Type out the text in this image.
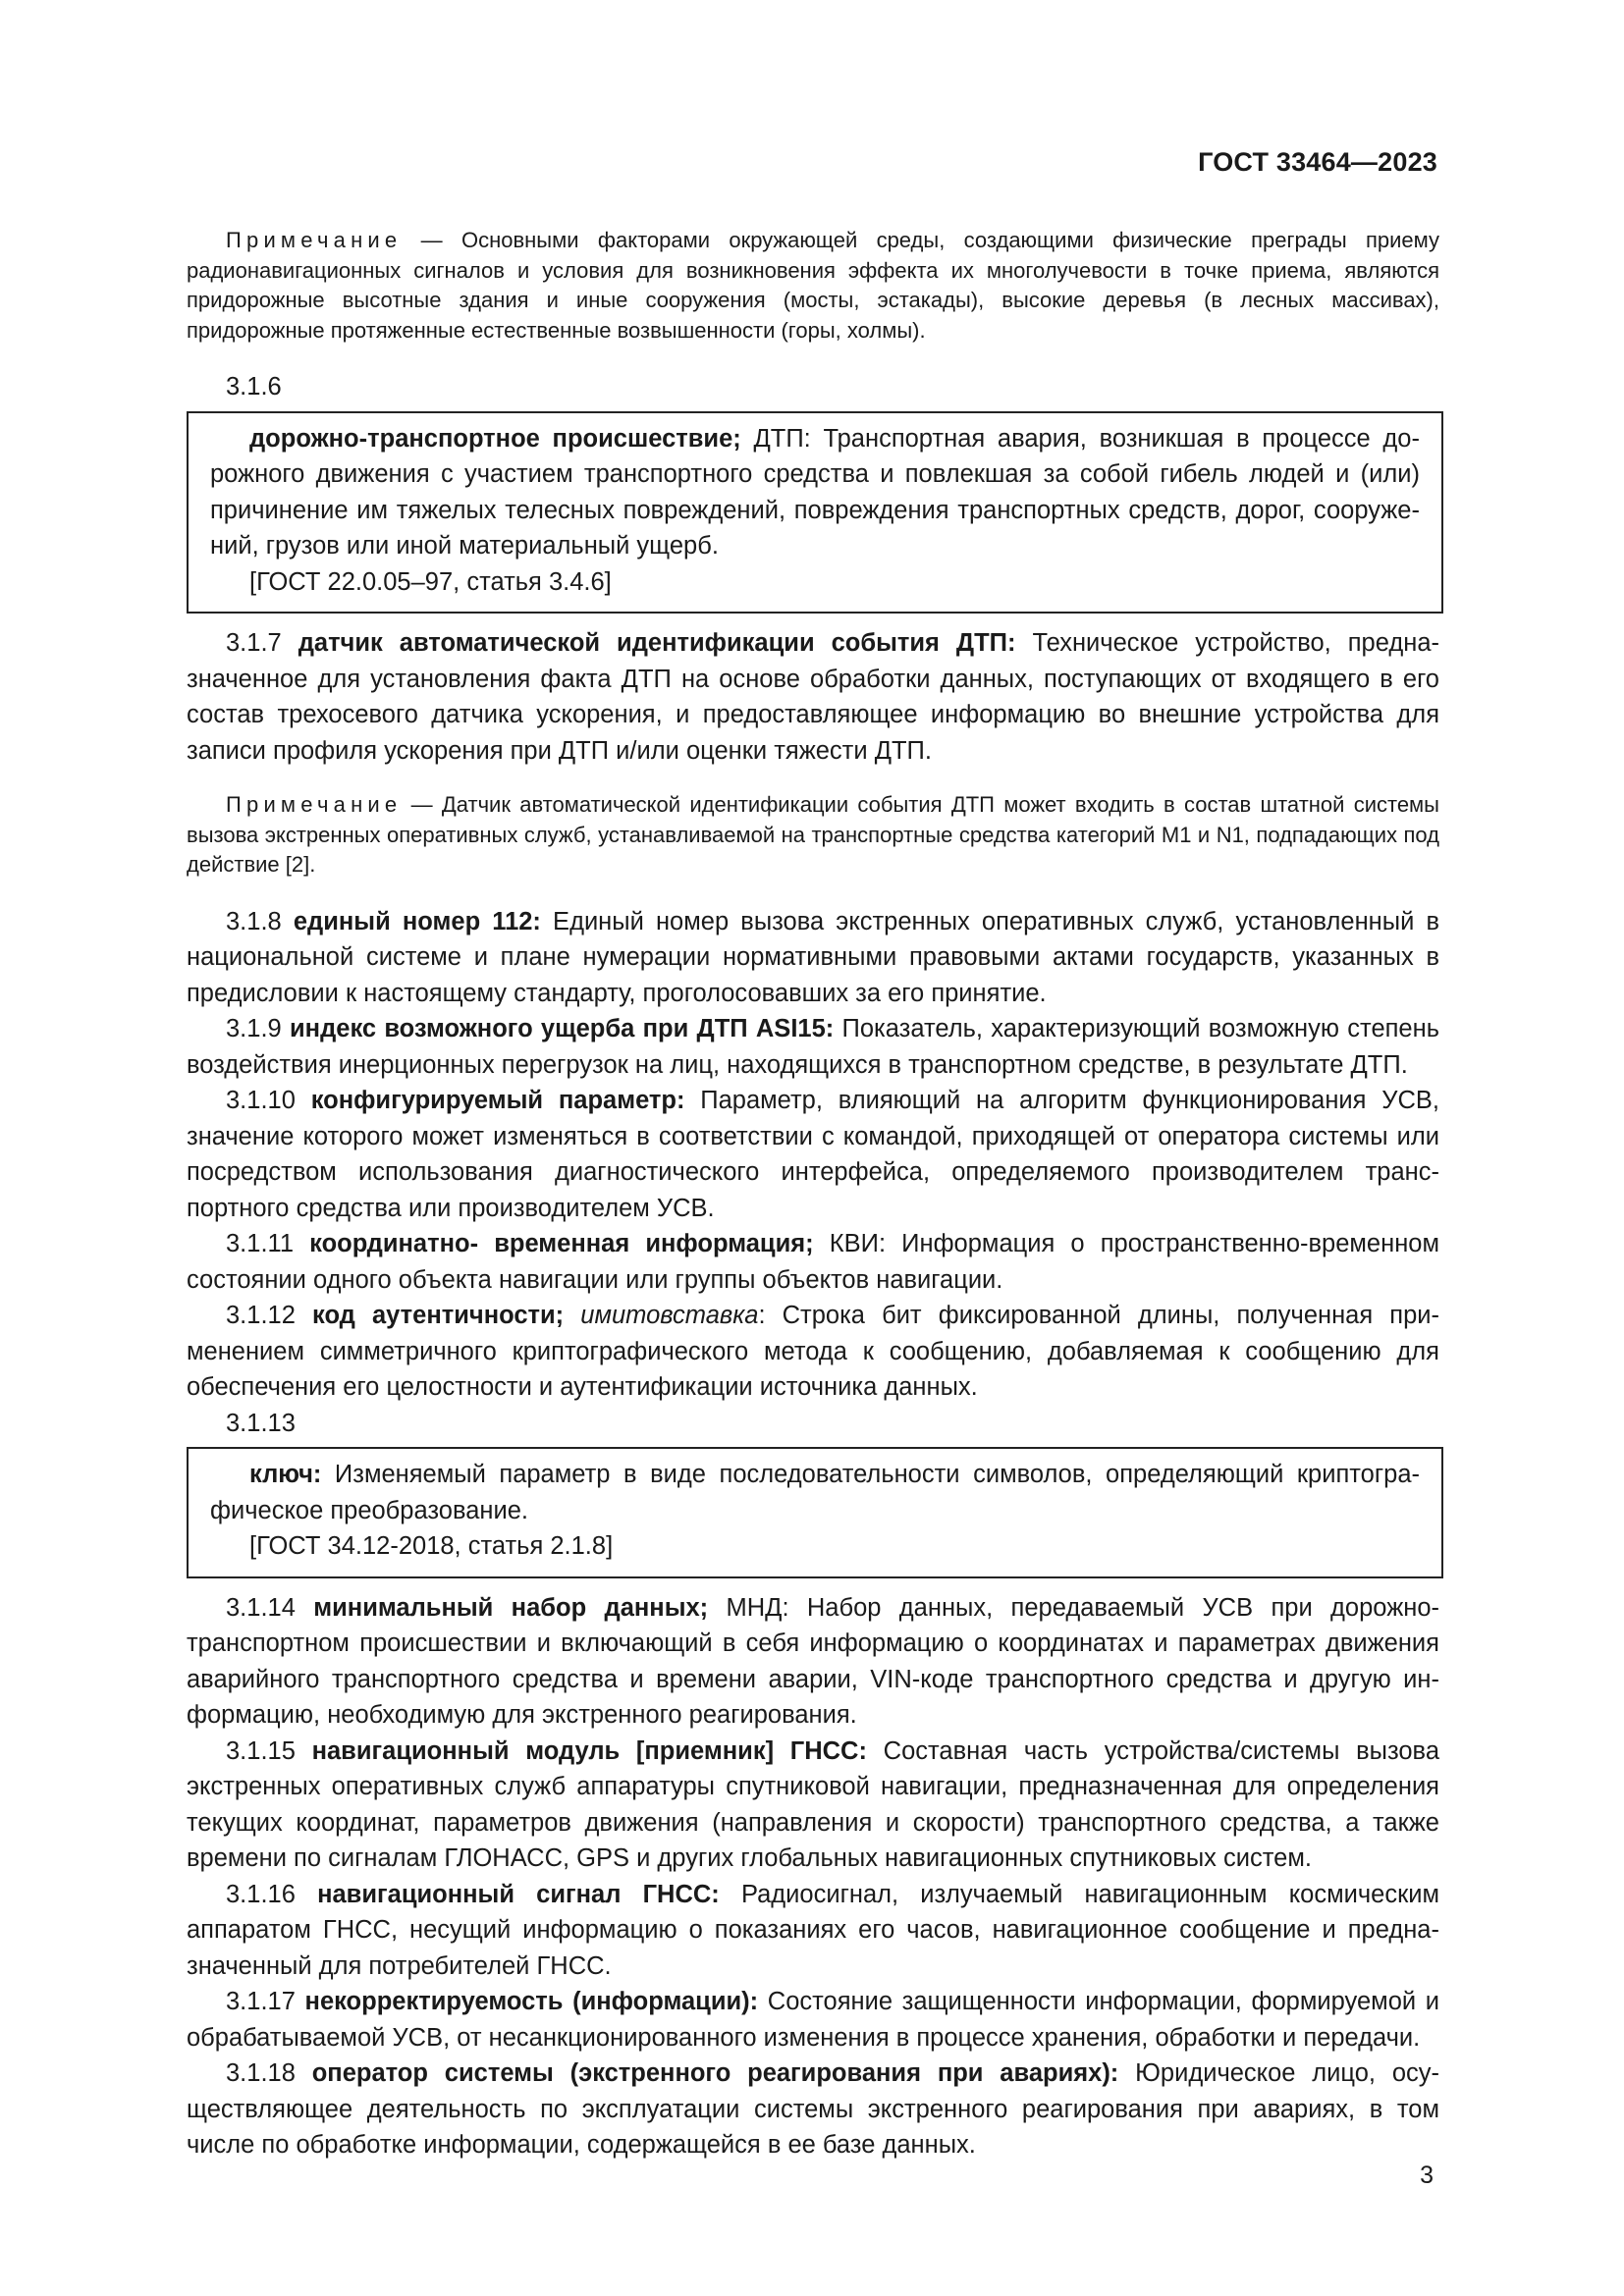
ГОСТ 33464—2023

Примечание — Основными факторами окружающей среды, создающими физические преграды приему радионавигационных сигналов и условия для возникновения эффекта их многолучевости в точке приема, являются придорожные высотные здания и иные сооружения (мосты, эстакады), высокие деревья (в лесных массивах), придорожные протяженные естественные возвышенности (горы, холмы).

3.1.6

дорожно-транспортное происшествие; ДТП: Транспортная авария, возникшая в процессе дорожного движения с участием транспортного средства и повлекшая за собой гибель людей и (или) причинение им тяжелых телесных повреждений, повреждения транспортных средств, дорог, сооружений, грузов или иной материальный ущерб.

[ГОСТ 22.0.05–97, статья 3.4.6]

3.1.7 датчик автоматической идентификации события ДТП: Техническое устройство, предназначенное для установления факта ДТП на основе обработки данных, поступающих от входящего в его состав трехосевого датчика ускорения, и предоставляющее информацию во внешние устройства для записи профиля ускорения при ДТП и/или оценки тяжести ДТП.

Примечание — Датчик автоматической идентификации события ДТП может входить в состав штатной системы вызова экстренных оперативных служб, устанавливаемой на транспортные средства категорий М1 и N1, подпадающих под действие [2].

3.1.8 единый номер 112: Единый номер вызова экстренных оперативных служб, установленный в национальной системе и плане нумерации нормативными правовыми актами государств, указанных в предисловии к настоящему стандарту, проголосовавших за его принятие.

3.1.9 индекс возможного ущерба при ДТП ASI15: Показатель, характеризующий возможную степень воздействия инерционных перегрузок на лиц, находящихся в транспортном средстве, в результате ДТП.

3.1.10 конфигурируемый параметр: Параметр, влияющий на алгоритм функционирования УСВ, значение которого может изменяться в соответствии с командой, приходящей от оператора системы или посредством использования диагностического интерфейса, определяемого производителем транспортного средства или производителем УСВ.

3.1.11 координатно- временная информация; КВИ: Информация о пространственно-временном состоянии одного объекта навигации или группы объектов навигации.

3.1.12 код аутентичности; имитовставка: Строка бит фиксированной длины, полученная применением симметричного криптографического метода к сообщению, добавляемая к сообщению для обеспечения его целостности и аутентификации источника данных.

3.1.13

ключ: Изменяемый параметр в виде последовательности символов, определяющий криптографическое преобразование.

[ГОСТ 34.12-2018, статья 2.1.8]

3.1.14 минимальный набор данных; МНД: Набор данных, передаваемый УСВ при дорожно-транспортном происшествии и включающий в себя информацию о координатах и параметрах движения аварийного транспортного средства и времени аварии, VIN-коде транспортного средства и другую информацию, необходимую для экстренного реагирования.

3.1.15 навигационный модуль [приемник] ГНСС: Составная часть устройства/системы вызова экстренных оперативных служб аппаратуры спутниковой навигации, предназначенная для определения текущих координат, параметров движения (направления и скорости) транспортного средства, а также времени по сигналам ГЛОНАСС, GPS и других глобальных навигационных спутниковых систем.

3.1.16 навигационный сигнал ГНСС: Радиосигнал, излучаемый навигационным космическим аппаратом ГНСС, несущий информацию о показаниях его часов, навигационное сообщение и предназначенный для потребителей ГНСС.

3.1.17 некорректируемость (информации): Состояние защищенности информации, формируемой и обрабатываемой УСВ, от несанкционированного изменения в процессе хранения, обработки и передачи.

3.1.18 оператор системы (экстренного реагирования при авариях): Юридическое лицо, осуществляющее деятельность по эксплуатации системы экстренного реагирования при авариях, в том числе по обработке информации, содержащейся в ее базе данных.

3
